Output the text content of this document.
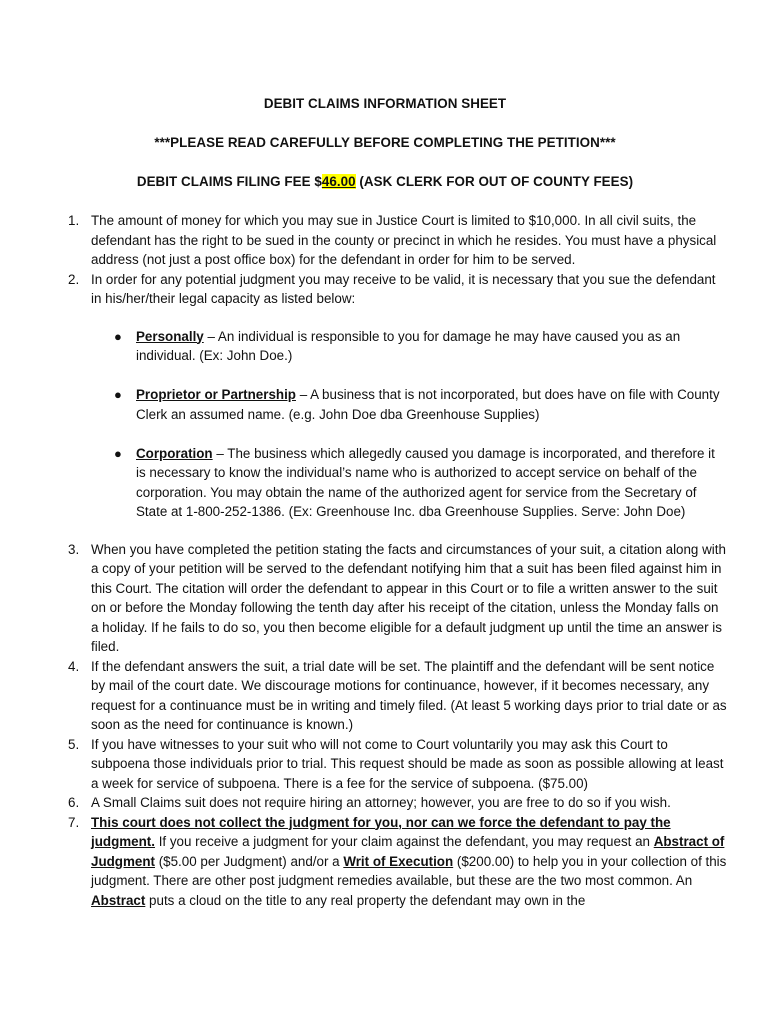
DEBIT CLAIMS INFORMATION SHEET
***PLEASE READ CAREFULLY BEFORE COMPLETING THE PETITION***
DEBIT CLAIMS FILING FEE $46.00 (ASK CLERK FOR OUT OF COUNTY FEES)
1. The amount of money for which you may sue in Justice Court is limited to $10,000. In all civil suits, the defendant has the right to be sued in the county or precinct in which he resides. You must have a physical address (not just a post office box) for the defendant in order for him to be served.
2. In order for any potential judgment you may receive to be valid, it is necessary that you sue the defendant in his/her/their legal capacity as listed below:
● Personally – An individual is responsible to you for damage he may have caused you as an individual. (Ex: John Doe.)
● Proprietor or Partnership – A business that is not incorporated, but does have on file with County Clerk an assumed name. (e.g. John Doe dba Greenhouse Supplies)
● Corporation – The business which allegedly caused you damage is incorporated, and therefore it is necessary to know the individual’s name who is authorized to accept service on behalf of the corporation. You may obtain the name of the authorized agent for service from the Secretary of State at 1-800-252-1386. (Ex: Greenhouse Inc. dba Greenhouse Supplies. Serve: John Doe)
3. When you have completed the petition stating the facts and circumstances of your suit, a citation along with a copy of your petition will be served to the defendant notifying him that a suit has been filed against him in this Court. The citation will order the defendant to appear in this Court or to file a written answer to the suit on or before the Monday following the tenth day after his receipt of the citation, unless the Monday falls on a holiday. If he fails to do so, you then become eligible for a default judgment up until the time an answer is filed.
4. If the defendant answers the suit, a trial date will be set. The plaintiff and the defendant will be sent notice by mail of the court date. We discourage motions for continuance, however, if it becomes necessary, any request for a continuance must be in writing and timely filed. (At least 5 working days prior to trial date or as soon as the need for continuance is known.)
5. If you have witnesses to your suit who will not come to Court voluntarily you may ask this Court to subpoena those individuals prior to trial. This request should be made as soon as possible allowing at least a week for service of subpoena. There is a fee for the service of subpoena. ($75.00)
6. A Small Claims suit does not require hiring an attorney; however, you are free to do so if you wish.
7. This court does not collect the judgment for you, nor can we force the defendant to pay the judgment. If you receive a judgment for your claim against the defendant, you may request an Abstract of Judgment ($5.00 per Judgment) and/or a Writ of Execution ($200.00) to help you in your collection of this judgment. There are other post judgment remedies available, but these are the two most common. An Abstract puts a cloud on the title to any real property the defendant may own in the
